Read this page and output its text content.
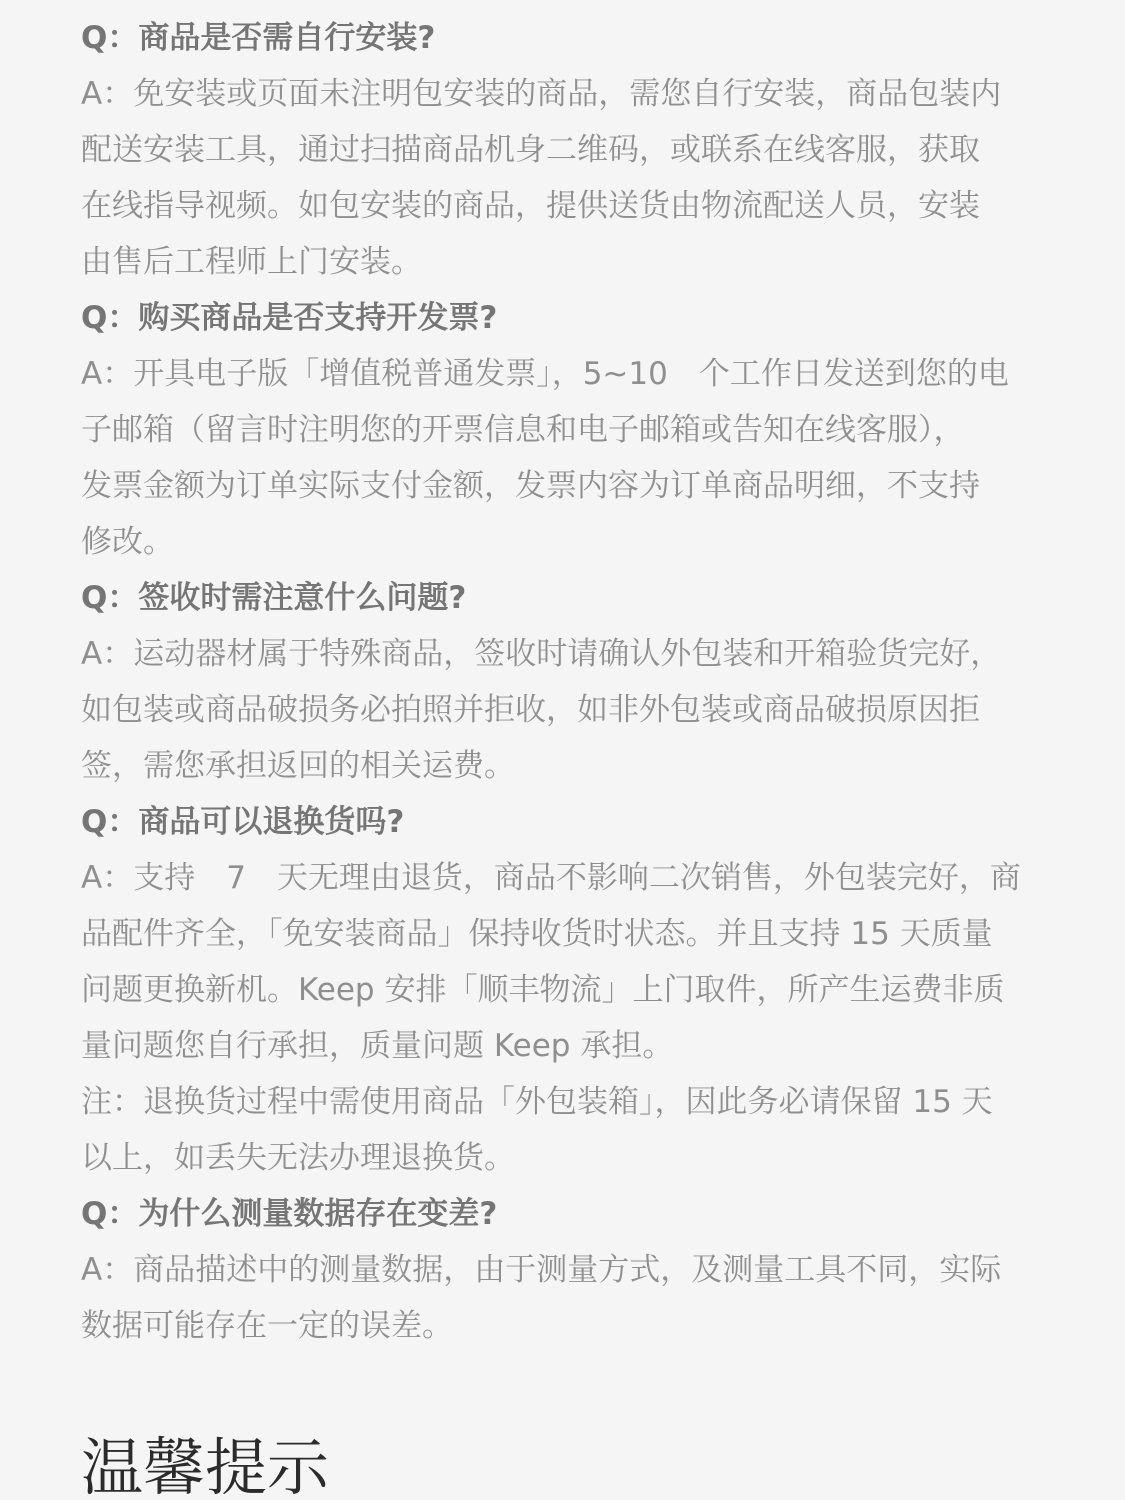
Q：商品是否需自行安装?
A：免安装或页面未注明包安装的商品，需您自行安装，商品包装内
配送安装工具，通过扫描商品机身二维码，或联系在线客服，获取
在线指导视频。如包安装的商品，提供送货由物流配送人员，安装
由售后工程师上门安装。
Q：购买商品是否支持开发票?
A：开具电子版「增值税普通发票」，5~10　个工作日发送到您的电
子邮箱（留言时注明您的开票信息和电子邮箱或告知在线客服），
发票金额为订单实际支付金额，发票内容为订单商品明细，不支持
修改。
Q：签收时需注意什么问题?
A：运动器材属于特殊商品，签收时请确认外包装和开箱验货完好，
如包装或商品破损务必拍照并拒收，如非外包装或商品破损原因拒
签，需您承担返回的相关运费。
Q：商品可以退换货吗?
A：支持　7　天无理由退货，商品不影响二次销售，外包装完好，商
品配件齐全，「免安装商品」保持收货时状态。并且支持 15 天质量
问题更换新机。Keep 安排「顺丰物流」上门取件，所产生运费非质
量问题您自行承担，质量问题 Keep 承担。
注：退换货过程中需使用商品「外包装箱」，因此务必请保留 15 天
以上，如丢失无法办理退换货。
Q：为什么测量数据存在变差?
A：商品描述中的测量数据，由于测量方式，及测量工具不同，实际
数据可能存在一定的误差。
温馨提示
